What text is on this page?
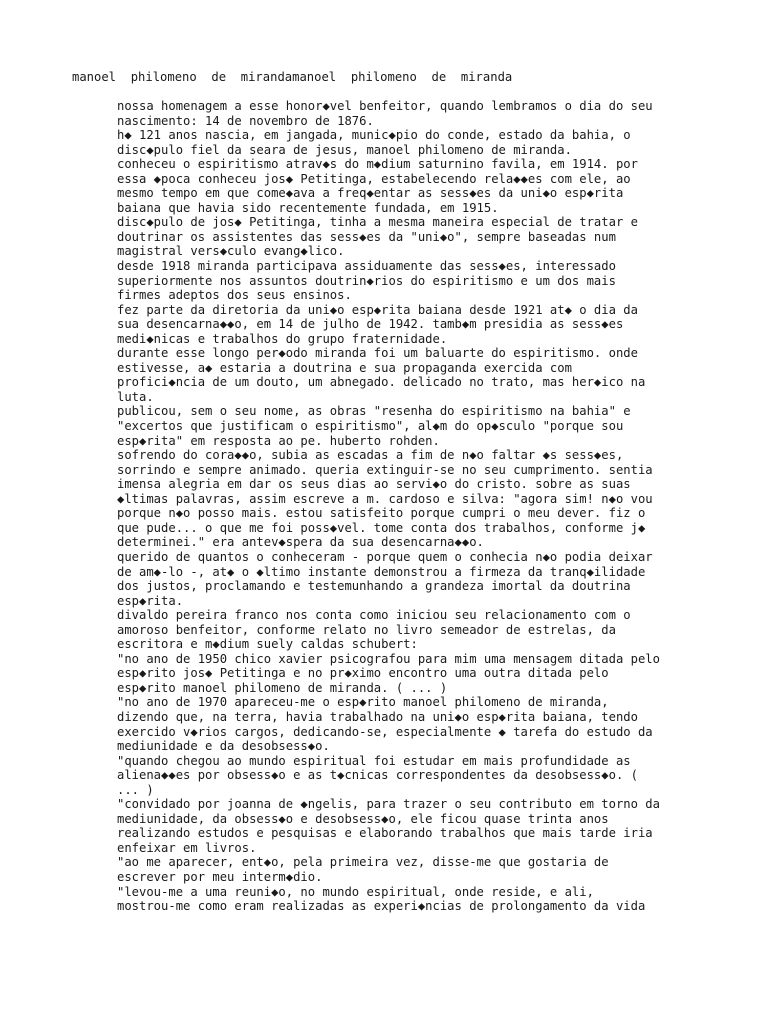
manoel  philomeno  de  mirandamanoel  philomeno  de  miranda
nossa homenagem a esse honor◆vel benfeitor, quando lembramos o dia do seu
nascimento: 14 de novembro de 1876.
h◆ 121 anos nascia, em jangada, munic◆pio do conde, estado da bahia, o
disc◆pulo fiel da seara de jesus, manoel philomeno de miranda.
conheceu o espiritismo atrav◆s do m◆dium saturnino favila, em 1914. por
essa ◆poca conheceu jos◆ Petitinga, estabelecendo rela◆◆es com ele, ao
mesmo tempo em que come◆ava a freq◆entar as sess◆es da uni◆o esp◆rita
baiana que havia sido recentemente fundada, em 1915.
disc◆pulo de jos◆ Petitinga, tinha a mesma maneira especial de tratar e
doutrinar os assistentes das sess◆es da "uni◆o", sempre baseadas num
magistral vers◆culo evang◆lico.
desde 1918 miranda participava assiduamente das sess◆es, interessado
superiormente nos assuntos doutrin◆rios do espiritismo e um dos mais
firmes adeptos dos seus ensinos.
fez parte da diretoria da uni◆o esp◆rita baiana desde 1921 at◆ o dia da
sua desencarna◆◆o, em 14 de julho de 1942. tamb◆m presidia as sess◆es
medi◆nicas e trabalhos do grupo fraternidade.
durante esse longo per◆odo miranda foi um baluarte do espiritismo. onde
estivesse, a◆ estaria a doutrina e sua propaganda exercida com
profici◆ncia de um douto, um abnegado. delicado no trato, mas her◆ico na
luta.
publicou, sem o seu nome, as obras "resenha do espiritismo na bahia" e
"excertos que justificam o espiritismo", al◆m do op◆sculo "porque sou
esp◆rita" em resposta ao pe. huberto rohden.
sofrendo do cora◆◆o, subia as escadas a fim de n◆o faltar ◆s sess◆es,
sorrindo e sempre animado. queria extinguir-se no seu cumprimento. sentia
imensa alegria em dar os seus dias ao servi◆o do cristo. sobre as suas
◆ltimas palavras, assim escreve a m. cardoso e silva: "agora sim! n◆o vou
porque n◆o posso mais. estou satisfeito porque cumpri o meu dever. fiz o
que pude... o que me foi poss◆vel. tome conta dos trabalhos, conforme j◆
determinei." era antev◆spera da sua desencarna◆◆o.
querido de quantos o conheceram - porque quem o conhecia n◆o podia deixar
de am◆-lo -, at◆ o ◆ltimo instante demonstrou a firmeza da tranq◆ilidade
dos justos, proclamando e testemunhando a grandeza imortal da doutrina
esp◆rita.
divaldo pereira franco nos conta como iniciou seu relacionamento com o
amoroso benfeitor, conforme relato no livro semeador de estrelas, da
escritora e m◆dium suely caldas schubert:
"no ano de 1950 chico xavier psicografou para mim uma mensagem ditada pelo
esp◆rito jos◆ Petitinga e no pr◆ximo encontro uma outra ditada pelo
esp◆rito manoel philomeno de miranda. ( ... )
"no ano de 1970 apareceu-me o esp◆rito manoel philomeno de miranda,
dizendo que, na terra, havia trabalhado na uni◆o esp◆rita baiana, tendo
exercido v◆rios cargos, dedicando-se, especialmente ◆ tarefa do estudo da
mediunidade e da desobsess◆o.
"quando chegou ao mundo espiritual foi estudar em mais profundidade as
aliena◆◆es por obsess◆o e as t◆cnicas correspondentes da desobsess◆o. (
... )
"convidado por joanna de ◆ngelis, para trazer o seu contributo em torno da
mediunidade, da obsess◆o e desobsess◆o, ele ficou quase trinta anos
realizando estudos e pesquisas e elaborando trabalhos que mais tarde iria
enfeixar em livros.
"ao me aparecer, ent◆o, pela primeira vez, disse-me que gostaria de
escrever por meu interm◆dio.
"levou-me a uma reuni◆o, no mundo espiritual, onde reside, e ali,
mostrou-me como eram realizadas as experi◆ncias de prolongamento da vida
